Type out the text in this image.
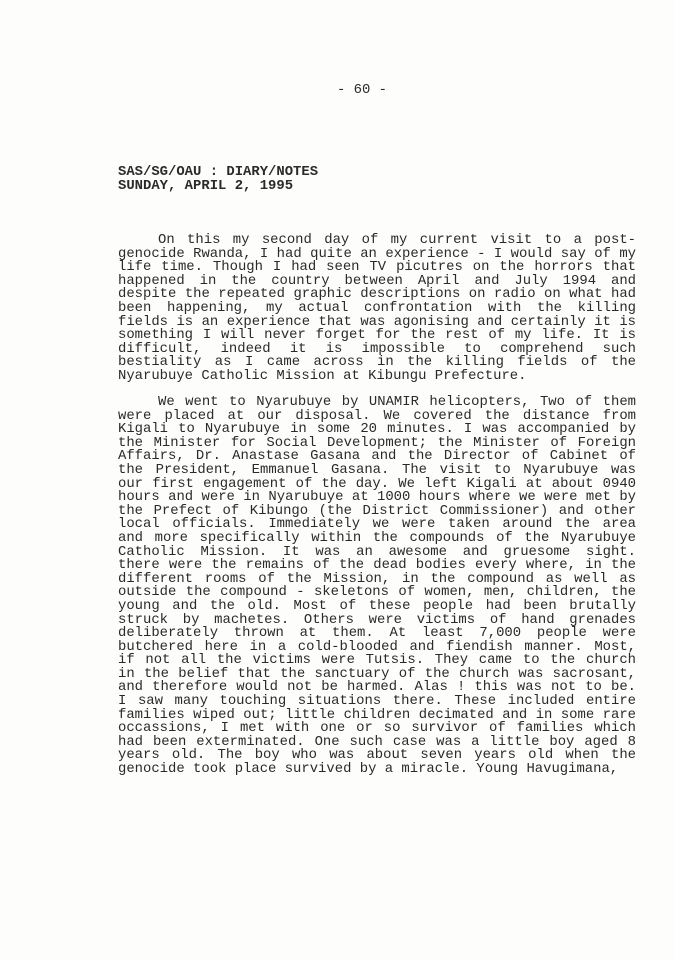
- 60 -
SAS/SG/OAU : DIARY/NOTES
SUNDAY, APRIL 2, 1995
On this my second day of my current visit to a post-
genocide Rwanda, I had quite an experience - I would say of my
life time. Though I had seen TV picutres on the horrors that
happened in the country between April and July 1994 and
despite the repeated graphic descriptions on radio on what had
been happening, my actual confrontation with the killing
fields is an experience that was agonising and certainly it is
something I will never forget for the rest of my life. It is
difficult, indeed it is impossible to comprehend such
bestiality as I came across in the killing fields of the
Nyarubuye Catholic Mission at Kibungu Prefecture.
We went to Nyarubuye by UNAMIR helicopters, Two of them
were placed at our disposal. We covered the distance from
Kigali to Nyarubuye in some 20 minutes. I was accompanied by
the Minister for Social Development; the Minister of Foreign
Affairs, Dr. Anastase Gasana and the Director of Cabinet of
the President, Emmanuel Gasana. The visit to Nyarubuye was
our first engagement of the day. We left Kigali at about 0940
hours and were in Nyarubuye at 1000 hours where we were met by
the Prefect of Kibungo (the District Commissioner) and other
local officials. Immediately we were taken around the area
and more specifically within the compounds of the Nyarubuye
Catholic Mission. It was an awesome and gruesome sight.
there were the remains of the dead bodies every where, in the
different rooms of the Mission, in the compound as well as
outside the compound - skeletons of women, men, children, the
young and the old. Most of these people had been brutally
struck by machetes. Others were victims of hand grenades
deliberately thrown at them. At least 7,000 people were
butchered here in a cold-blooded and fiendish manner. Most,
if not all the victims were Tutsis. They came to the church
in the belief that the sanctuary of the church was sacrosant,
and therefore would not be harmed. Alas ! this was not to be.
I saw many touching situations there. These included entire
families wiped out; little children decimated and in some rare
occassions, I met with one or so survivor of families which
had been exterminated. One such case was a little boy aged 8
years old. The boy who was about seven years old when the
genocide took place survived by a miracle. Young Havugimana,
